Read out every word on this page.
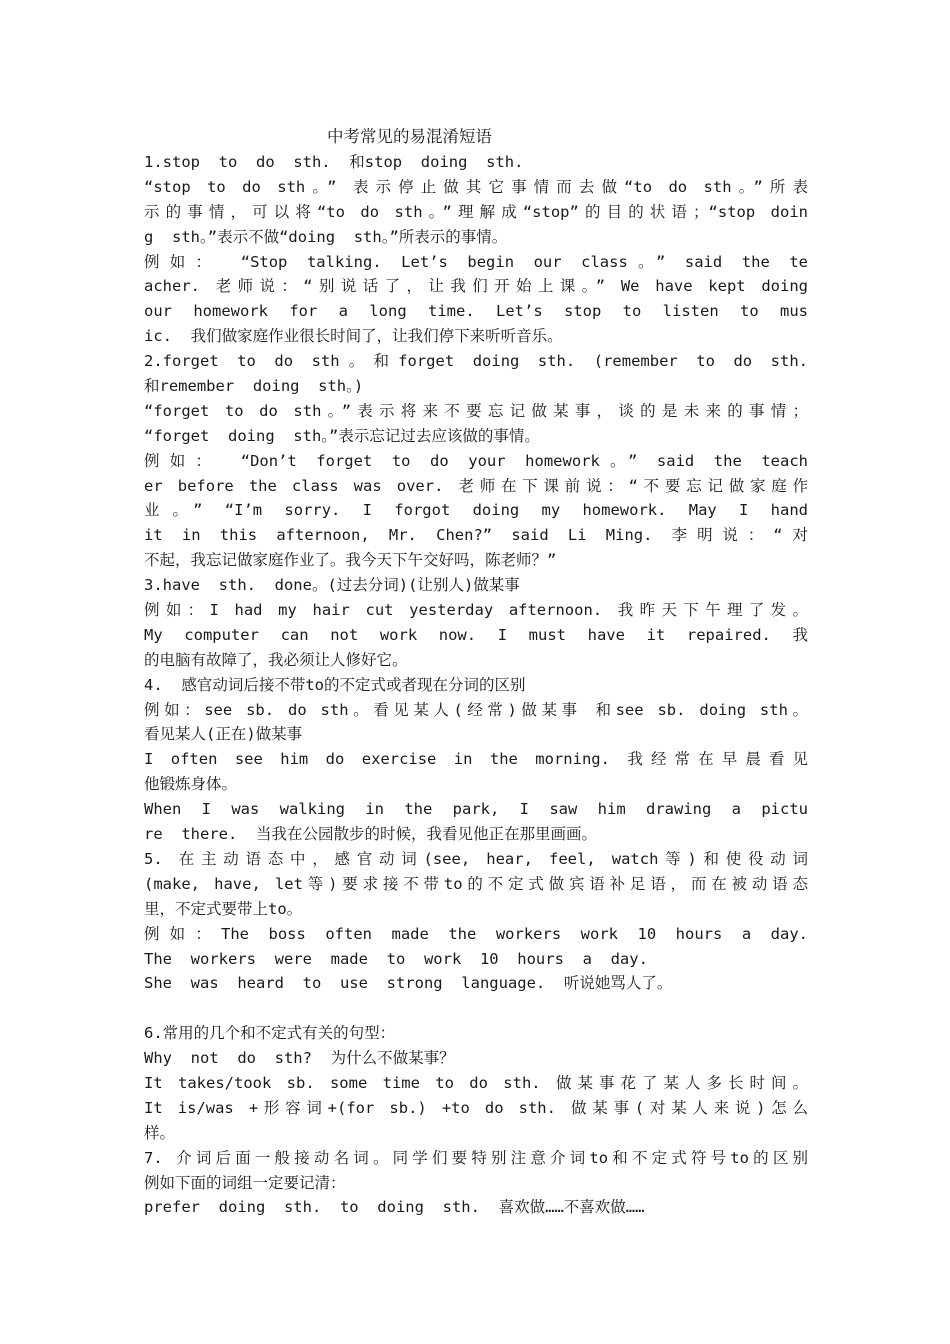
中考常见的易混淆短语
1.stop  to  do  sth.  和stop  doing  sth.
“stop to do sth。” 表示停止做其它事情而去做“to do sth。”所表
示的事情，可以将“to do sth。”理解成“stop”的目的状语；“stop doin
g  sth。”表示不做“doing  sth。”所表示的事情。
例如： “Stop talking. Let’s begin our class。” said the te
acher. 老师说：“别说话了，让我们开始上课。” We have kept doing
our homework for a long time. Let’s stop to listen to mus
ic.  我们做家庭作业很长时间了，让我们停下来听听音乐。
2.forget to do sth。和forget doing sth. (remember to do sth.
和remember  doing  sth。)
“forget to do sth。”表示将来不要忘记做某事，谈的是未来的事情；
“forget  doing  sth。”表示忘记过去应该做的事情。
例如： “Don’t forget to do your homework。” said the teach
er before the class was over. 老师在下课前说：“不要忘记做家庭作
业。” “I’m sorry. I forgot doing my homework. May I hand
it in this afternoon, Mr. Chen?” said Li Ming. 李明说：“对
不起，我忘记做家庭作业了。我今天下午交好吗，陈老师？”
3.have  sth.  done。(过去分词)(让别人)做某事
例如：I had my hair cut yesterday afternoon. 我昨天下午理了发。
My computer can not work now. I must have it repaired. 我
的电脑有故障了，我必须让人修好它。
4.  感官动词后接不带to的不定式或者现在分词的区别
例如：see sb. do sth。看见某人(经常)做某事 和see sb. doing sth。
看见某人(正在)做某事
I often see him do exercise in the morning. 我经常在早晨看见
他锻炼身体。
When I was walking in the park, I saw him drawing a pictu
re  there.  当我在公园散步的时候，我看见他正在那里画画。
5. 在主动语态中，感官动词(see, hear, feel, watch等)和使役动词
(make, have, let等)要求接不带to的不定式做宾语补足语，而在被动语态
里，不定式要带上to。
例如：The boss often made the workers work 10 hours a day.
The  workers  were  made  to  work  10  hours  a  day.
She  was  heard  to  use  strong  language.  听说她骂人了。
6.常用的几个和不定式有关的句型：
Why  not  do  sth?  为什么不做某事？
It takes/took sb. some time to do sth. 做某事花了某人多长时间。
It is/was +形容词+(for sb.) +to do sth. 做某事(对某人来说)怎么
样。
7. 介词后面一般接动名词。同学们要特别注意介词to和不定式符号to的区别
例如下面的词组一定要记清：
prefer  doing  sth.  to  doing  sth.  喜欢做……不喜欢做……
